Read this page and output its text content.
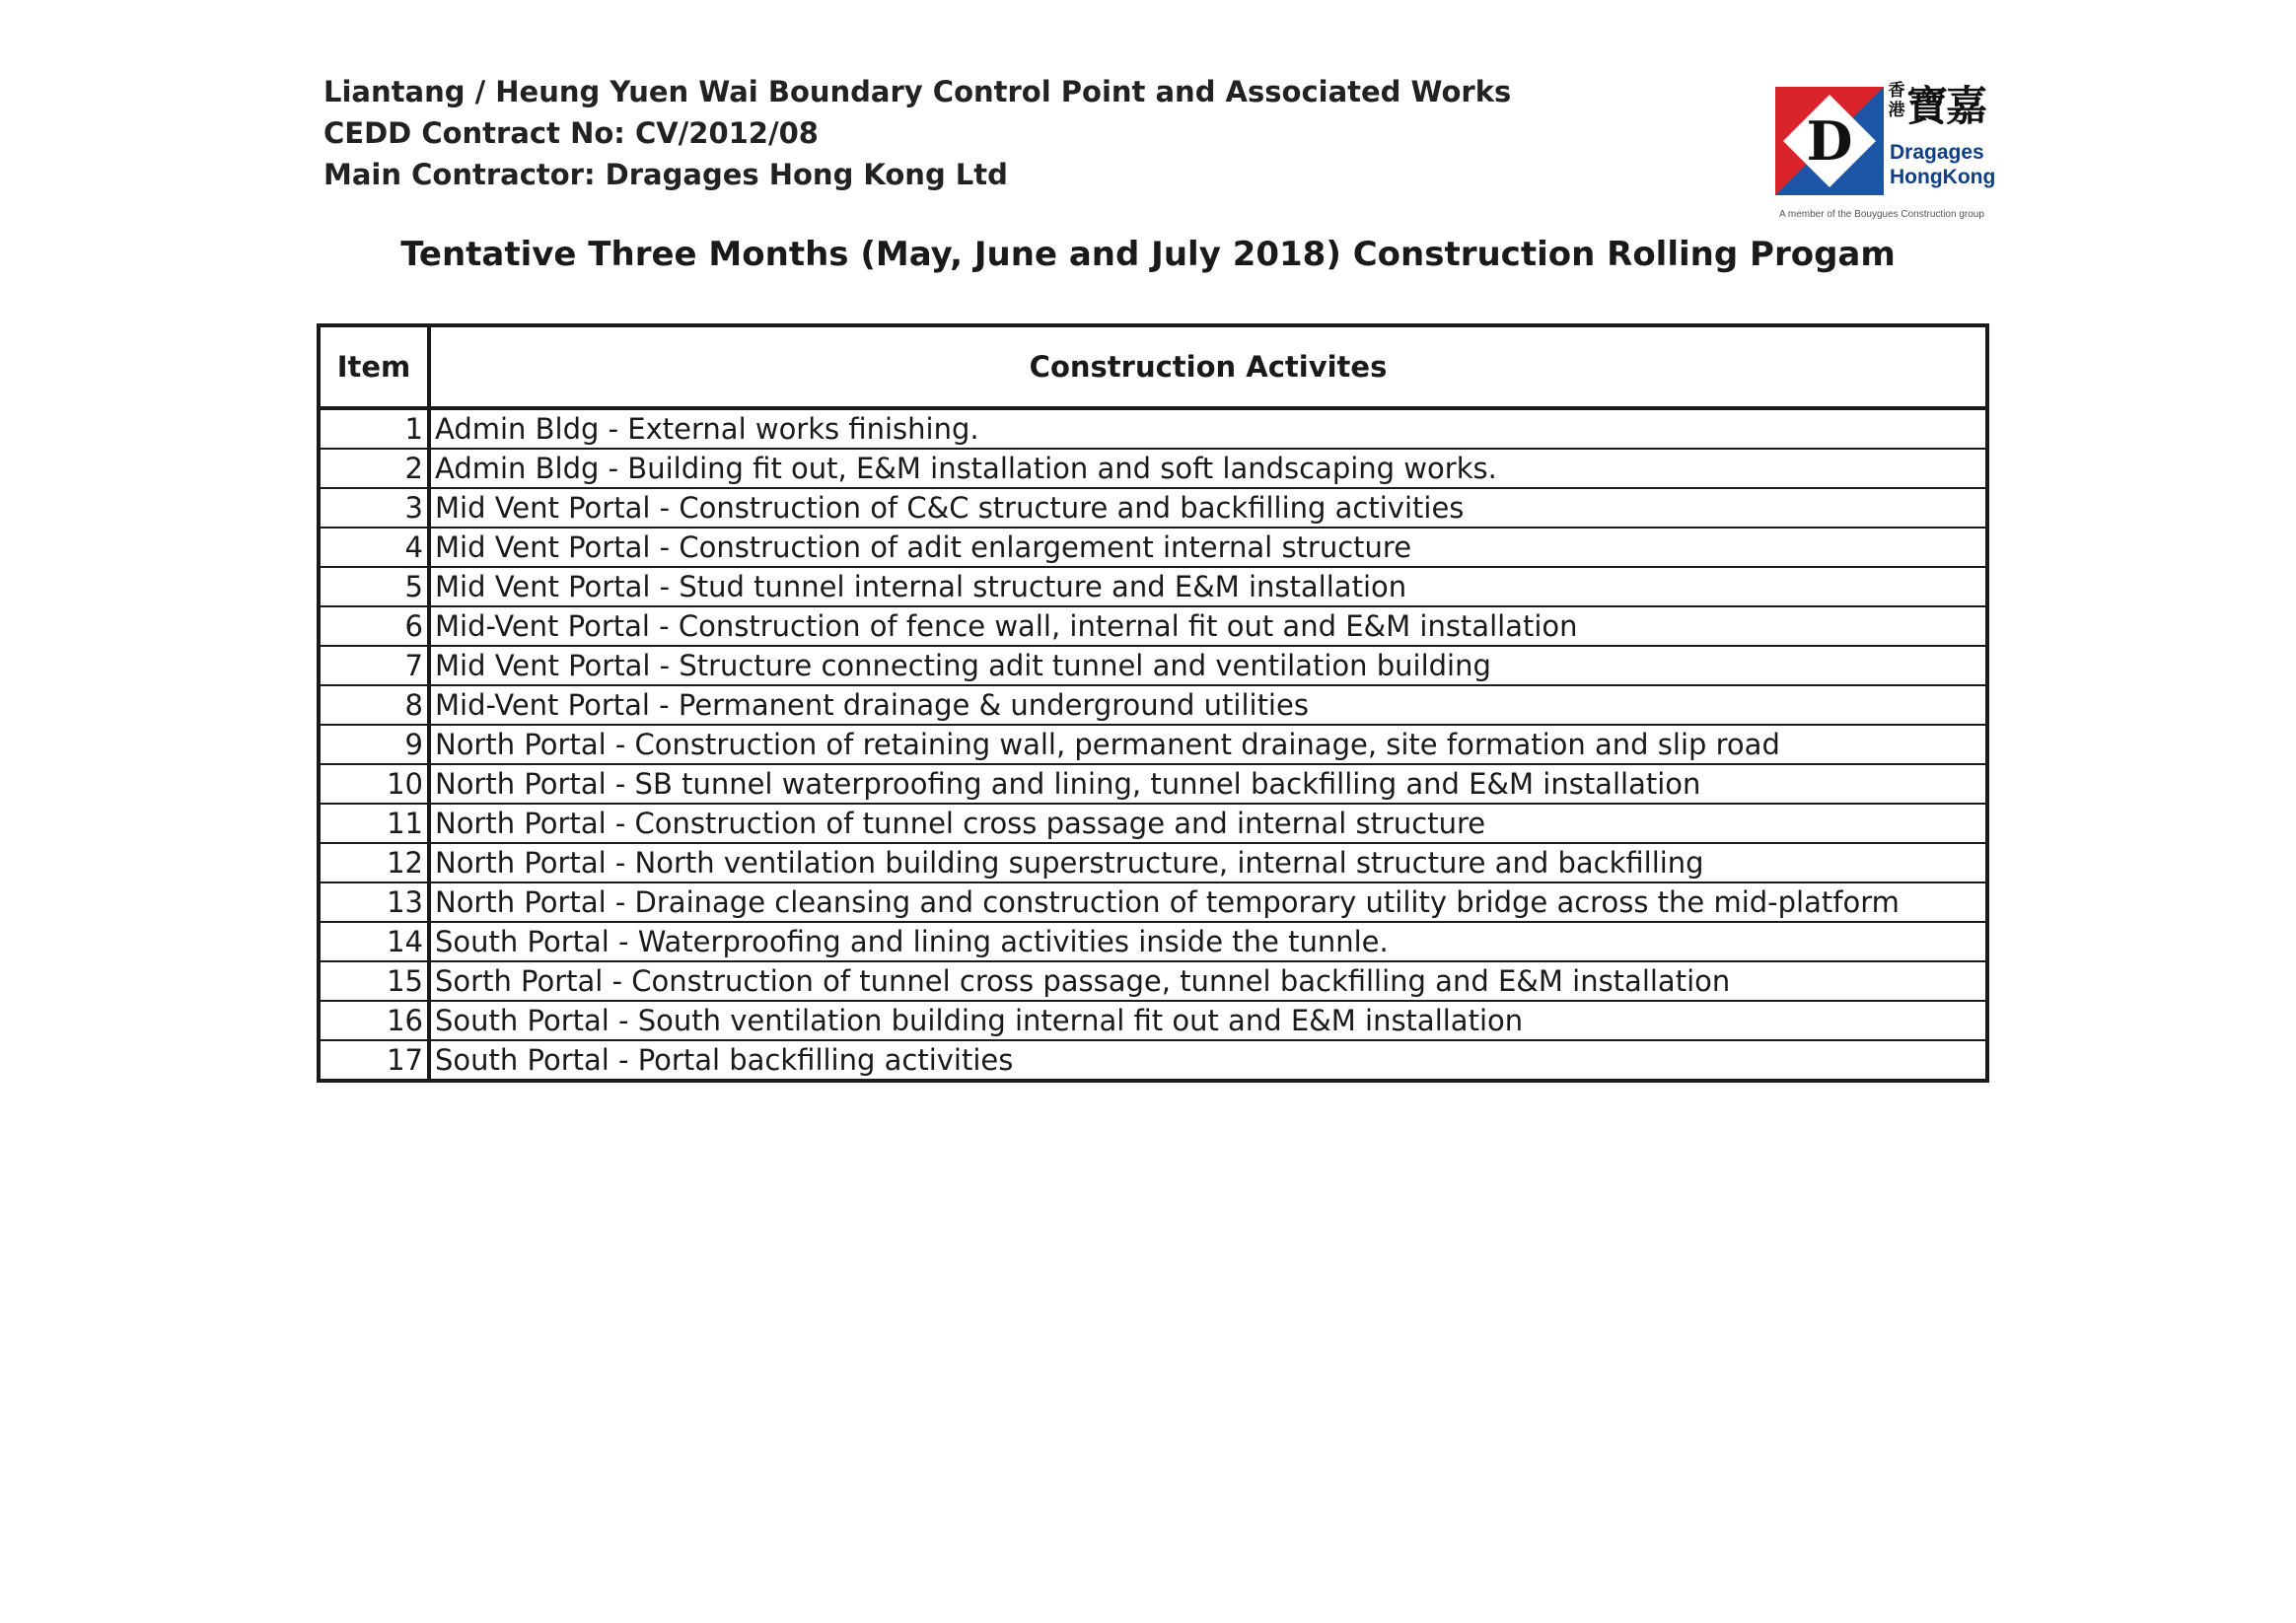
Liantang / Heung Yuen Wai Boundary Control Point and Associated Works
CEDD Contract No: CV/2012/08
Main Contractor: Dragages Hong Kong Ltd
D
香
港寶嘉
Dragages
HongKong
A member of the Bouygues Construction group
Tentative Three Months (May, June and July 2018) Construction Rolling Progam
Item	Construction Activites
1	Admin Bldg - External works finishing.
2	Admin Bldg - Building fit out, E&M installation and soft landscaping works.
3	Mid Vent Portal - Construction of C&C structure and backfilling activities
4	Mid Vent Portal - Construction of adit enlargement internal structure
5	Mid Vent Portal - Stud tunnel internal structure and E&M installation
6	Mid-Vent Portal - Construction of fence wall, internal fit out and E&M installation
7	Mid Vent Portal - Structure connecting adit tunnel and ventilation building
8	Mid-Vent Portal - Permanent drainage & underground utilities
9	North Portal - Construction of retaining wall, permanent drainage, site formation and slip road
10	North Portal - SB tunnel waterproofing and lining, tunnel backfilling and E&M installation
11	North Portal - Construction of tunnel cross passage and internal structure
12	North Portal - North ventilation building superstructure, internal structure and backfilling
13	North Portal - Drainage cleansing and construction of temporary utility bridge across the mid-platform
14	South Portal - Waterproofing and lining activities inside the tunnle.
15	Sorth Portal - Construction of tunnel cross passage, tunnel backfilling and E&M installation
16	South Portal - South ventilation building internal fit out and E&M installation
17	South Portal - Portal backfilling activities
